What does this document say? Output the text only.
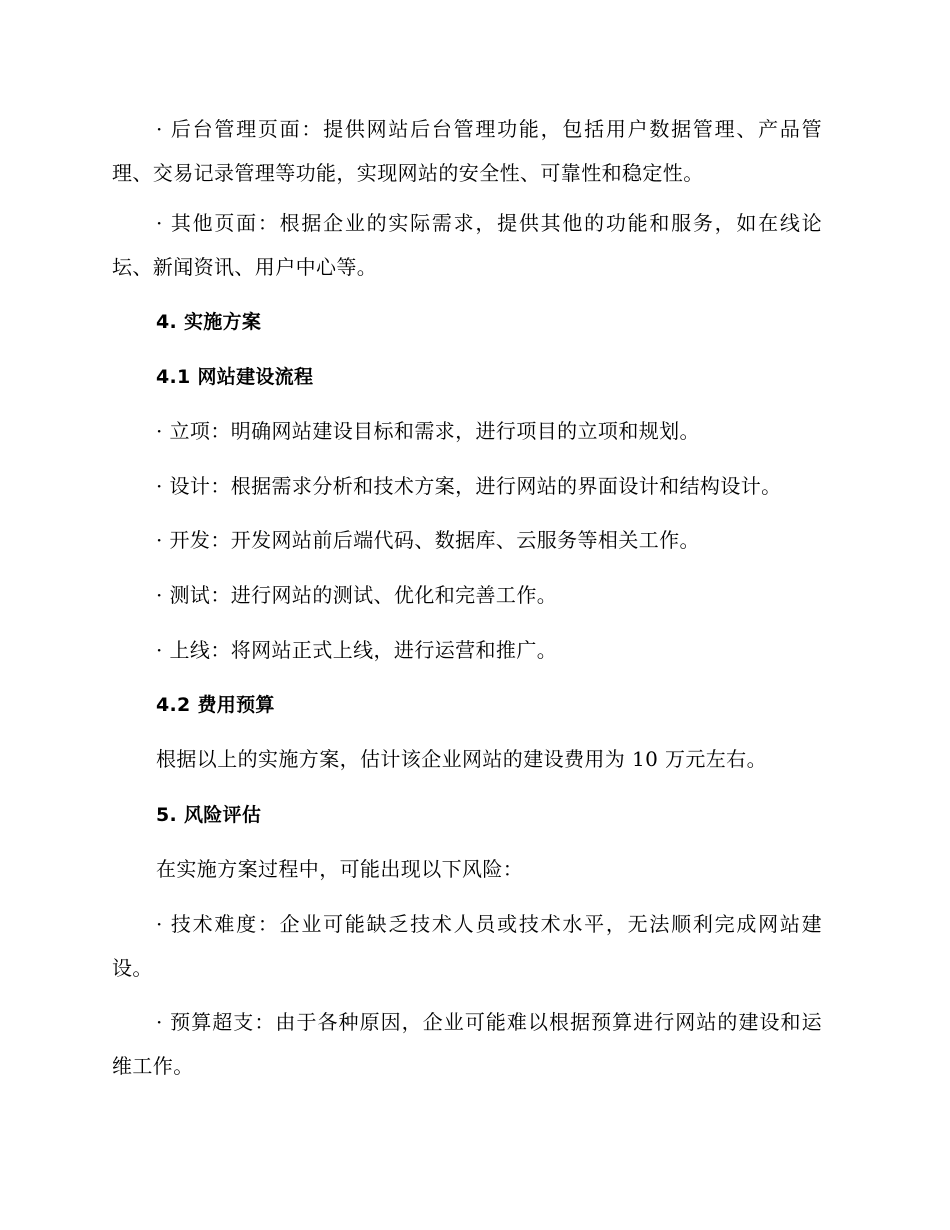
· 后台管理页面：提供网站后台管理功能，包括用户数据管理、产品管理、交易记录管理等功能，实现网站的安全性、可靠性和稳定性。

· 其他页面：根据企业的实际需求，提供其他的功能和服务，如在线论坛、新闻资讯、用户中心等。

4. 实施方案
4.1 网站建设流程

· 立项：明确网站建设目标和需求，进行项目的立项和规划。

· 设计：根据需求分析和技术方案，进行网站的界面设计和结构设计。

· 开发：开发网站前后端代码、数据库、云服务等相关工作。

· 测试：进行网站的测试、优化和完善工作。

· 上线：将网站正式上线，进行运营和推广。

4.2 费用预算

根据以上的实施方案，估计该企业网站的建设费用为 10 万元左右。

5. 风险评估

在实施方案过程中，可能出现以下风险：

· 技术难度：企业可能缺乏技术人员或技术水平，无法顺利完成网站建设。

· 预算超支：由于各种原因，企业可能难以根据预算进行网站的建设和运维工作。
